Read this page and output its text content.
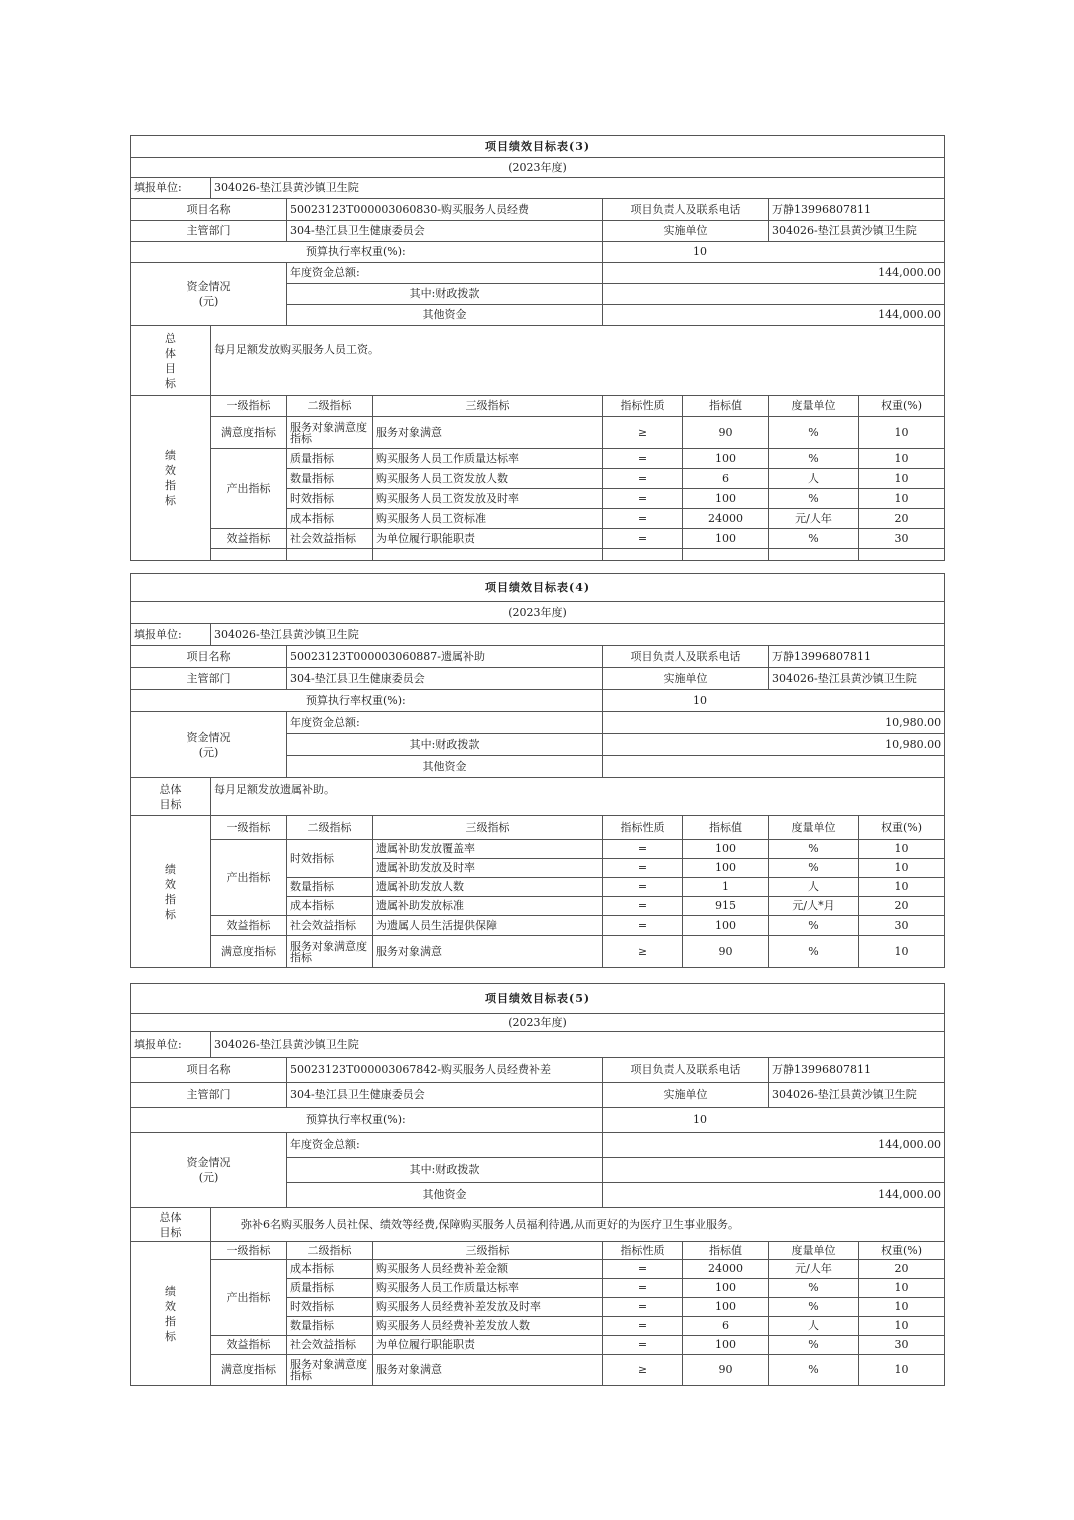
项目绩效目标表(3)							
(2023年度)							
填报单位:	304026-垫江县黄沙镇卫生院						
项目名称		50023123T000003060830-购买服务人员经费		项目负责人及联系电话		万静13996807811	
主管部门		304-垫江县卫生健康委员会		实施单位		304026-垫江县黄沙镇卫生院	
预算执行率权重(%):				10			
资金情况
(元)		年度资金总额:		144,000.00			
		其中:财政拨款					
		其他资金		144,000.00			
总
体
目
标	每月足额发放购买服务人员工资。						
绩
效
指
标	一级指标	二级指标	三级指标	指标性质	指标值	度量单位	权重(%)
	满意度指标	服务对象满意度指标	服务对象满意	≥	90	%	10
	产出指标	质量指标	购买服务人员工作质量达标率	=	100	%	10
		数量指标	购买服务人员工资发放人数	=	6	人	10
		时效指标	购买服务人员工资发放及时率	=	100	%	10
		成本指标	购买服务人员工资标准	=	24000	元/人年	20
	效益指标	社会效益指标	为单位履行职能职责	=	100	%	30

项目绩效目标表(4)							
(2023年度)							
填报单位:	304026-垫江县黄沙镇卫生院						
项目名称		50023123T000003060887-遗属补助		项目负责人及联系电话		万静13996807811	
主管部门		304-垫江县卫生健康委员会		实施单位		304026-垫江县黄沙镇卫生院	
预算执行率权重(%):				10			
资金情况
(元)		年度资金总额:		10,980.00			
		其中:财政拨款		10,980.00			
		其他资金					
总体
目标	每月足额发放遗属补助。						
绩
效
指
标	一级指标	二级指标	三级指标	指标性质	指标值	度量单位	权重(%)
	产出指标	时效指标	遗属补助发放覆盖率	=	100	%	10
			遗属补助发放及时率	=	100	%	10
		数量指标	遗属补助发放人数	=	1	人	10
		成本指标	遗属补助发放标准	=	915	元/人*月	20
	效益指标	社会效益指标	为遗属人员生活提供保障	=	100	%	30
	满意度指标	服务对象满意度指标	服务对象满意	≥	90	%	10
项目绩效目标表(5)							
(2023年度)							
填报单位:	304026-垫江县黄沙镇卫生院						
项目名称		50023123T000003067842-购买服务人员经费补差		项目负责人及联系电话		万静13996807811	
主管部门		304-垫江县卫生健康委员会		实施单位		304026-垫江县黄沙镇卫生院	
预算执行率权重(%):				10			
资金情况
(元)		年度资金总额:		144,000.00			
		其中:财政拨款					
		其他资金		144,000.00			
总体
目标	弥补6名购买服务人员社保、绩效等经费,保障购买服务人员福利待遇,从而更好的为医疗卫生事业服务。						
绩
效
指
标	一级指标	二级指标	三级指标	指标性质	指标值	度量单位	权重(%)
	产出指标	成本指标	购买服务人员经费补差金额	=	24000	元/人年	20
		质量指标	购买服务人员工作质量达标率	=	100	%	10
		时效指标	购买服务人员经费补差发放及时率	=	100	%	10
		数量指标	购买服务人员经费补差发放人数	=	6	人	10
	效益指标	社会效益指标	为单位履行职能职责	=	100	%	30
	满意度指标	服务对象满意度指标	服务对象满意	≥	90	%	10
